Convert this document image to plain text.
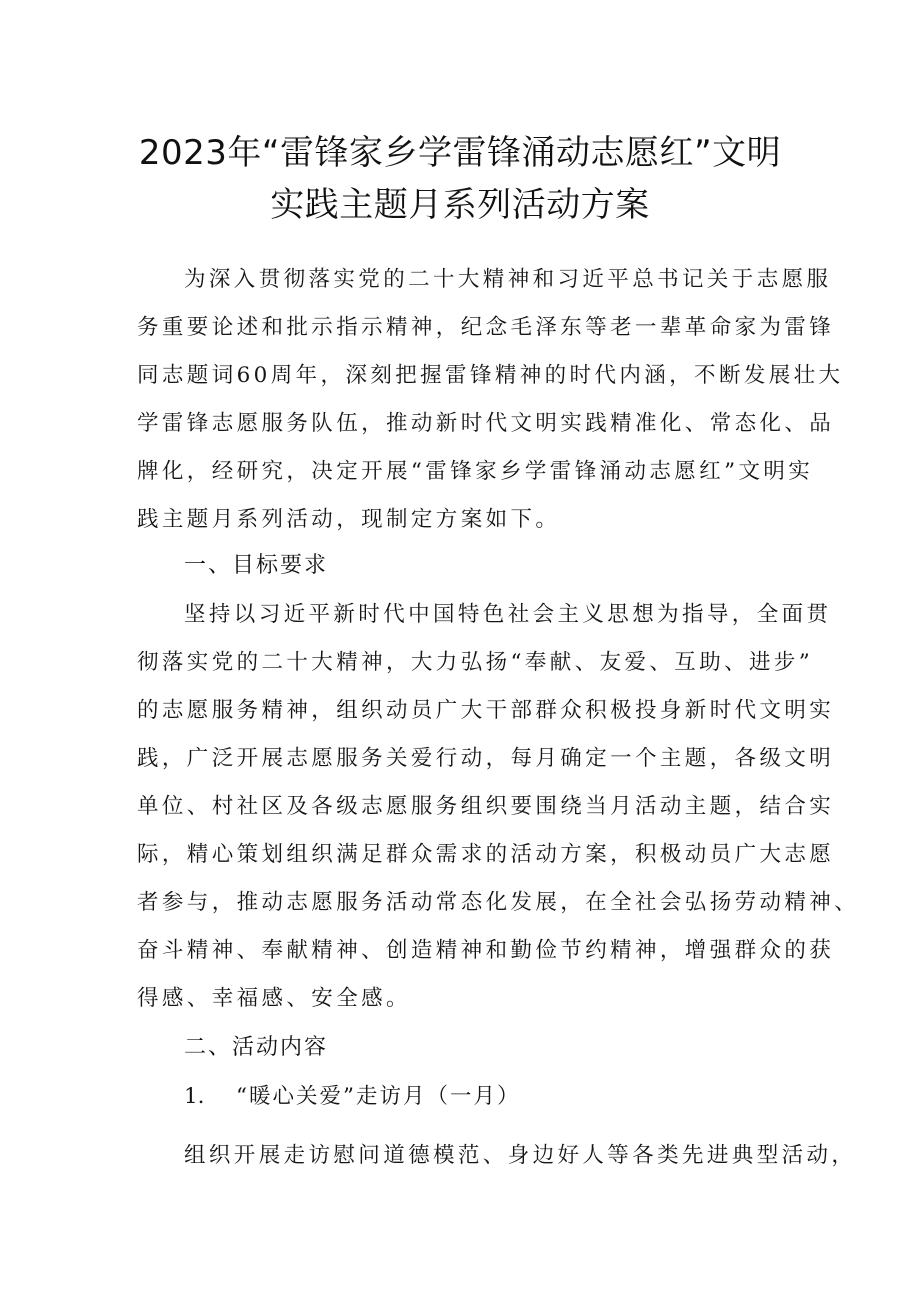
2023年“雷锋家乡学雷锋涌动志愿红”文明
实践主题月系列活动方案
为深入贯彻落实党的二十大精神和习近平总书记关于志愿服
务重要论述和批示指示精神，纪念毛泽东等老一辈革命家为雷锋
同志题词60周年，深刻把握雷锋精神的时代内涵，不断发展壮大
学雷锋志愿服务队伍，推动新时代文明实践精准化、常态化、品
牌化，经研究，决定开展“雷锋家乡学雷锋涌动志愿红”文明实
践主题月系列活动，现制定方案如下。
一、目标要求
坚持以习近平新时代中国特色社会主义思想为指导，全面贯
彻落实党的二十大精神，大力弘扬“奉献、友爱、互助、进步”
的志愿服务精神，组织动员广大干部群众积极投身新时代文明实
践，广泛开展志愿服务关爱行动，每月确定一个主题，各级文明
单位、村社区及各级志愿服务组织要围绕当月活动主题，结合实
际，精心策划组织满足群众需求的活动方案，积极动员广大志愿
者参与，推动志愿服务活动常态化发展，在全社会弘扬劳动精神、
奋斗精神、奉献精神、创造精神和勤俭节约精神，增强群众的获
得感、幸福感、安全感。
二、活动内容
1. “暖心关爱”走访月（一月）
组织开展走访慰问道德模范、身边好人等各类先进典型活动，
